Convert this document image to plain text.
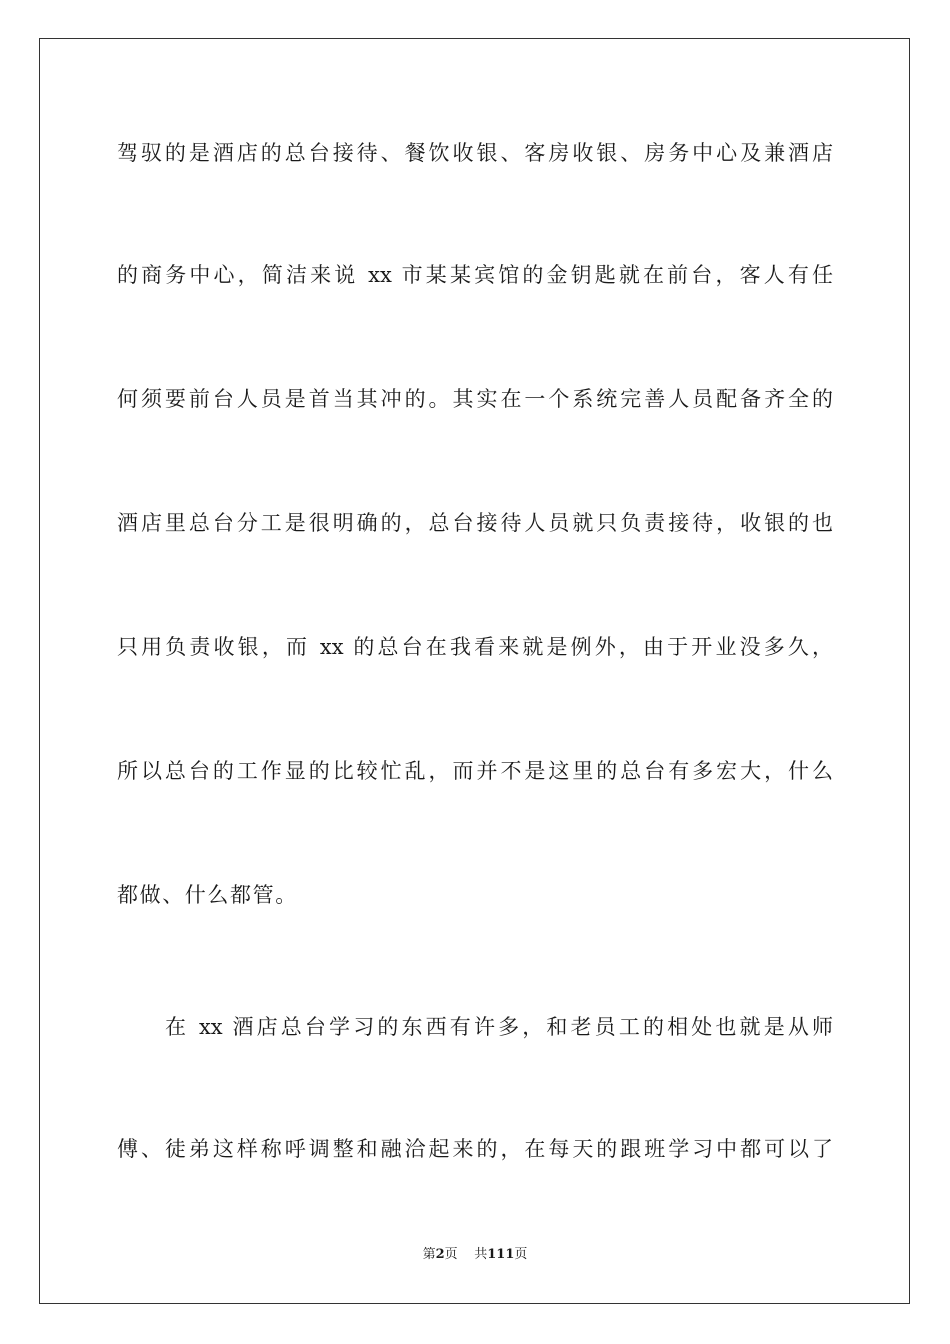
驾驭的是酒店的总台接待、餐饮收银、客房收银、房务中心及兼酒店
的商务中心，简洁来说 xx 市某某宾馆的金钥匙就在前台，客人有任
何须要前台人员是首当其冲的。其实在一个系统完善人员配备齐全的
酒店里总台分工是很明确的，总台接待人员就只负责接待，收银的也
只用负责收银，而 xx 的总台在我看来就是例外，由于开业没多久，
所以总台的工作显的比较忙乱，而并不是这里的总台有多宏大，什么
都做、什么都管。
在 xx 酒店总台学习的东西有许多，和老员工的相处也就是从师
傅、徒弟这样称呼调整和融洽起来的，在每天的跟班学习中都可以了
第2页 共111页
